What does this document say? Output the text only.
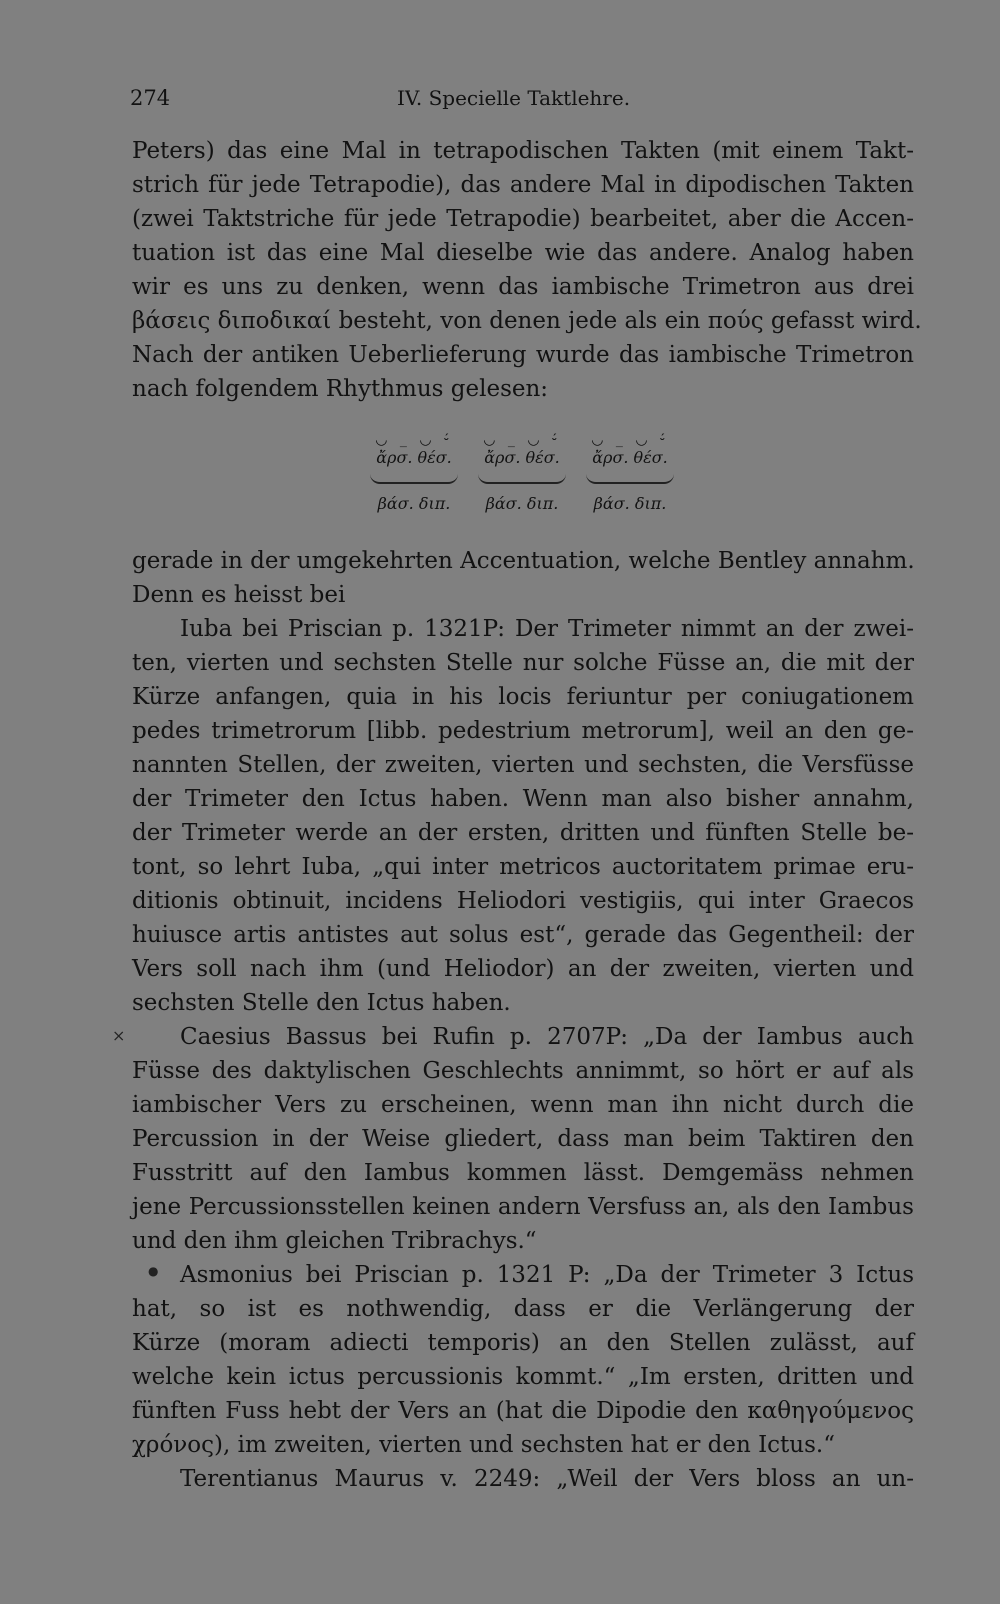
274	IV. Specielle Taktlehre.
Peters) das eine Mal in tetrapodischen Takten (mit einem Takt-
strich für jede Tetrapodie), das andere Mal in dipodischen Takten
(zwei Taktstriche für jede Tetrapodie) bearbeitet, aber die Accen-
tuation ist das eine Mal dieselbe wie das andere. Analog haben
wir es uns zu denken, wenn das iambische Trimetron aus drei
βάσεις διποδικαί besteht, von denen jede als ein πούς gefasst wird.
Nach der antiken Ueberlieferung wurde das iambische Trimetron
nach folgendem Rhythmus gelesen:
◡ _ ◡ ⏑́
ἄρσ. θέσ.
βάσ. διπ.
◡ _ ◡ ⏑́
ἄρσ. θέσ.
βάσ. διπ.
◡ _ ◡ ⏑́
ἄρσ. θέσ.
βάσ. διπ.
gerade in der umgekehrten Accentuation, welche Bentley annahm.
Denn es heisst bei
Iuba bei Priscian p. 1321P: Der Trimeter nimmt an der zwei-
ten, vierten und sechsten Stelle nur solche Füsse an, die mit der
Kürze anfangen, quia in his locis feriuntur per coniugationem
pedes trimetrorum [libb. pedestrium metrorum], weil an den ge-
nannten Stellen, der zweiten, vierten und sechsten, die Versfüsse
der Trimeter den Ictus haben. Wenn man also bisher annahm,
der Trimeter werde an der ersten, dritten und fünften Stelle be-
tont, so lehrt Iuba, „qui inter metricos auctoritatem primae eru-
ditionis obtinuit, incidens Heliodori vestigiis, qui inter Graecos
huiusce artis antistes aut solus est“, gerade das Gegentheil: der
Vers soll nach ihm (und Heliodor) an der zweiten, vierten und
sechsten Stelle den Ictus haben.
Caesius Bassus bei Rufin p. 2707P: „Da der Iambus auch
Füsse des daktylischen Geschlechts annimmt, so hört er auf als
iambischer Vers zu erscheinen, wenn man ihn nicht durch die
Percussion in der Weise gliedert, dass man beim Taktiren den
Fusstritt auf den Iambus kommen lässt. Demgemäss nehmen
jene Percussionsstellen keinen andern Versfuss an, als den Iambus
und den ihm gleichen Tribrachys.“
Asmonius bei Priscian p. 1321 P: „Da der Trimeter 3 Ictus
hat, so ist es nothwendig, dass er die Verlängerung der
Kürze (moram adiecti temporis) an den Stellen zulässt, auf
welche kein ictus percussionis kommt.“ „Im ersten, dritten und
fünften Fuss hebt der Vers an (hat die Dipodie den καθηγούμενος
χρόνος), im zweiten, vierten und sechsten hat er den Ictus.“
Terentianus Maurus v. 2249: „Weil der Vers bloss an un-
×
●
